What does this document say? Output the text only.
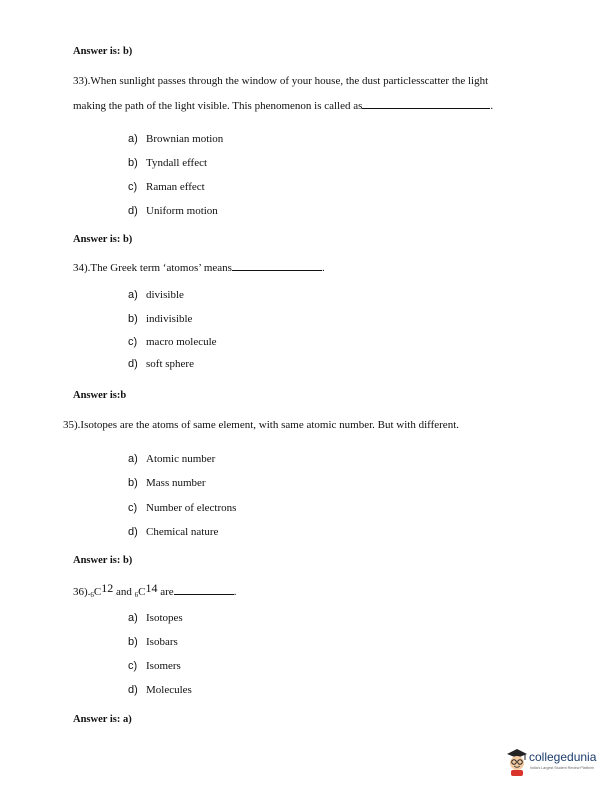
Answer is: b)
33).When sunlight passes through the window of your house, the dust particlesscatter the light
making the path of the light visible. This phenomenon is called as	.
a) Brownian motion
b) Tyndall effect
c) Raman effect
d) Uniform motion
Answer is: b)
34).The Greek term ‘atomos’ means	.
a) divisible
b) indivisible
c) macro molecule
d) soft sphere
Answer is:b
35).Isotopes are the atoms of same element, with same atomic number. But with different.
a) Atomic number
b) Mass number
c) Number of electrons
d) Chemical nature
Answer is: b)
$36)._6C^{12}$ and $_6C^{14}$ are	.
a) Isotopes
b) Isobars
c) Isomers
d) Molecules
Answer is: a)
collegedunia
India's Largest Student Review Platform
